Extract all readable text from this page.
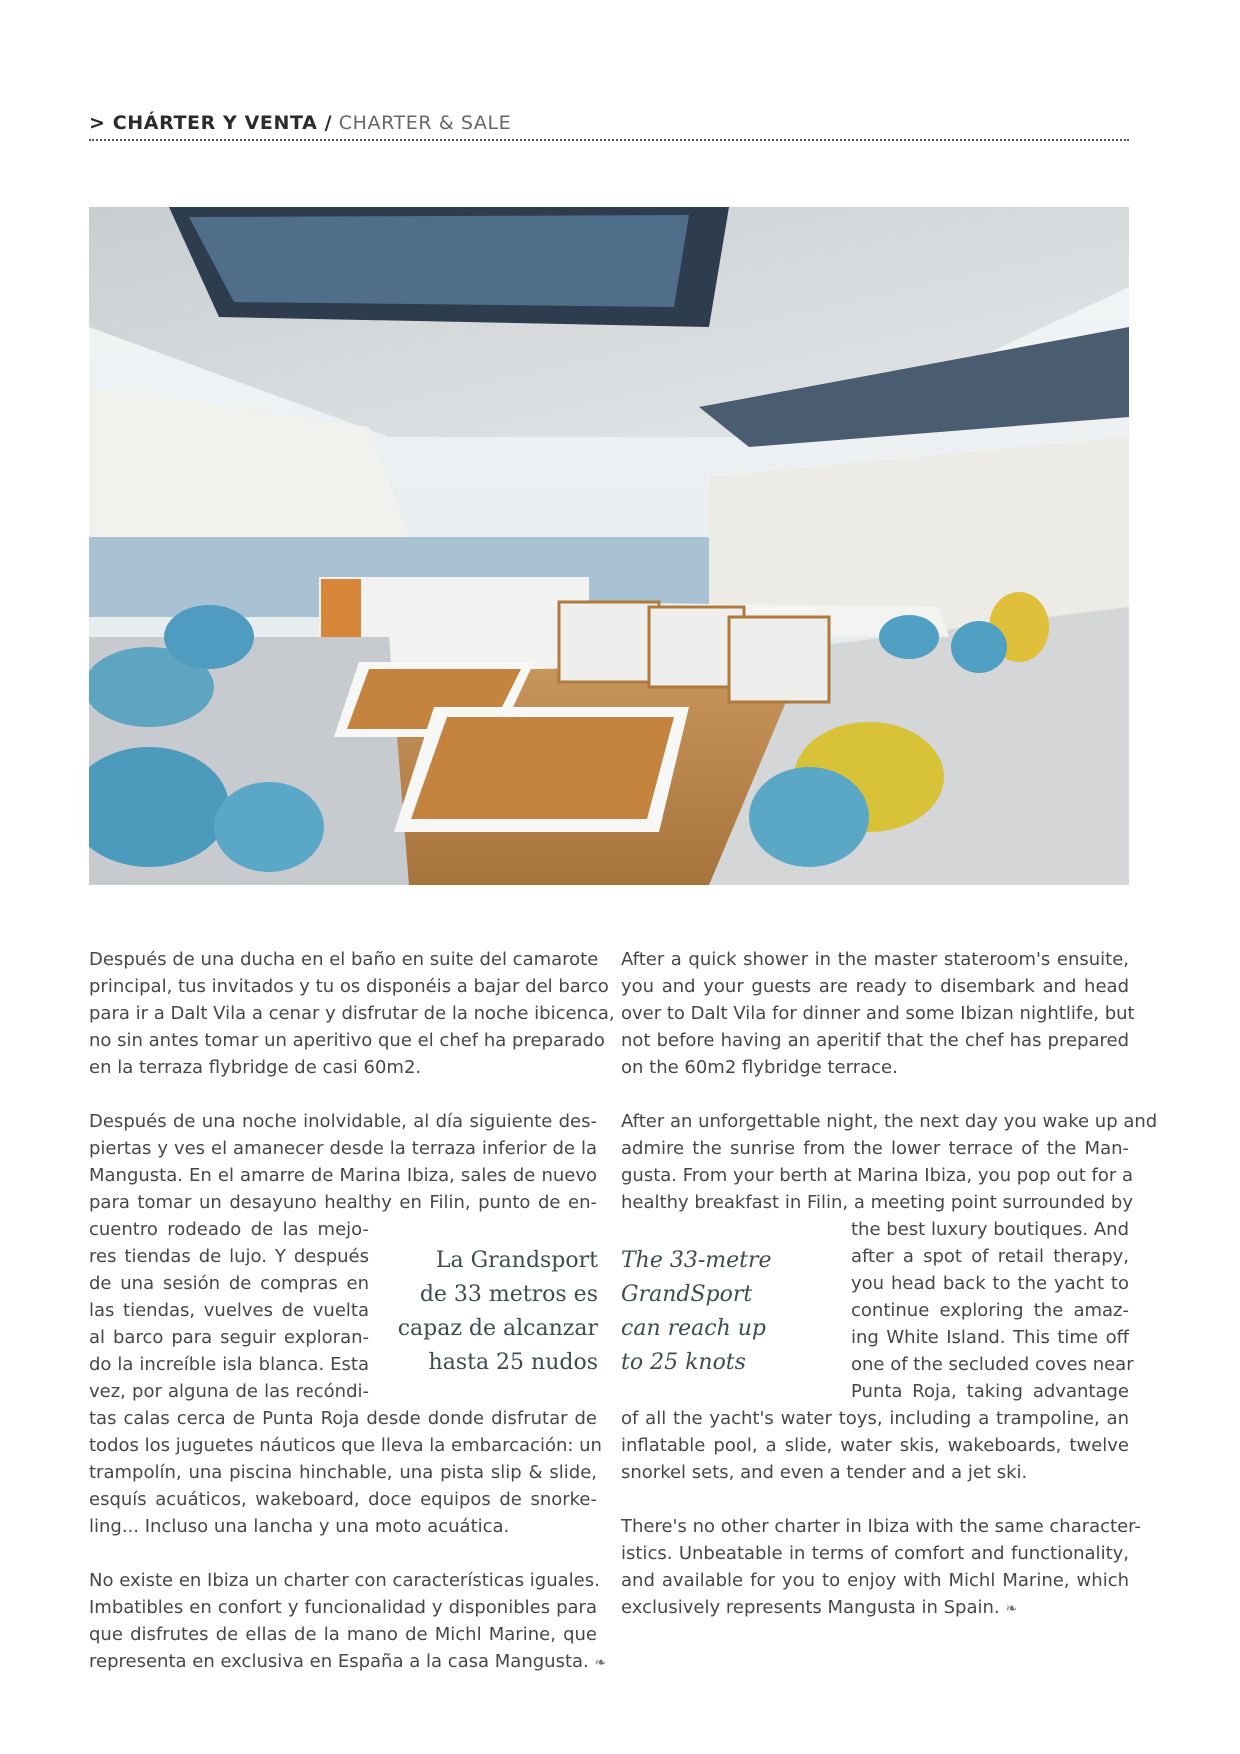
> CHÁRTER Y VENTA / CHARTER & SALE

Después de una ducha en el baño en suite del camarote
principal, tus invitados y tu os disponéis a bajar del barco
para ir a Dalt Vila a cenar y disfrutar de la noche ibicenca,
no sin antes tomar un aperitivo que el chef ha preparado
en la terraza flybridge de casi 60m2.

Después de una noche inolvidable, al día siguiente des-
piertas y ves el amanecer desde la terraza inferior de la
Mangusta. En el amarre de Marina Ibiza, sales de nuevo
para tomar un desayuno healthy en Filin, punto de en-
cuentro rodeado de las mejo-
res tiendas de lujo. Y después
de una sesión de compras en
las tiendas, vuelves de vuelta
al barco para seguir exploran-
do la increíble isla blanca. Esta
vez, por alguna de las recóndi-
tas calas cerca de Punta Roja desde donde disfrutar de
todos los juguetes náuticos que lleva la embarcación: un
trampolín, una piscina hinchable, una pista slip & slide,
esquís acuáticos, wakeboard, doce equipos de snorke-
ling... Incluso una lancha y una moto acuática.

No existe en Ibiza un charter con características iguales.
Imbatibles en confort y funcionalidad y disponibles para
que disfrutes de ellas de la mano de Michl Marine, que
representa en exclusiva en España a la casa Mangusta. ❧

La Grandsport
de 33 metros es
capaz de alcanzar
hasta 25 nudos

After a quick shower in the master stateroom's ensuite,
you and your guests are ready to disembark and head
over to Dalt Vila for dinner and some Ibizan nightlife, but
not before having an aperitif that the chef has prepared
on the 60m2 flybridge terrace.

After an unforgettable night, the next day you wake up and
admire the sunrise from the lower terrace of the Man-
gusta. From your berth at Marina Ibiza, you pop out for a
healthy breakfast in Filin, a meeting point surrounded by
the best luxury boutiques. And
after a spot of retail therapy,
you head back to the yacht to
continue exploring the amaz-
ing White Island. This time off
one of the secluded coves near
Punta Roja, taking advantage
of all the yacht's water toys, including a trampoline, an
inflatable pool, a slide, water skis, wakeboards, twelve
snorkel sets, and even a tender and a jet ski.

There's no other charter in Ibiza with the same character-
istics. Unbeatable in terms of comfort and functionality,
and available for you to enjoy with Michl Marine, which
exclusively represents Mangusta in Spain. ❧

The 33-metre
GrandSport
can reach up
to 25 knots
